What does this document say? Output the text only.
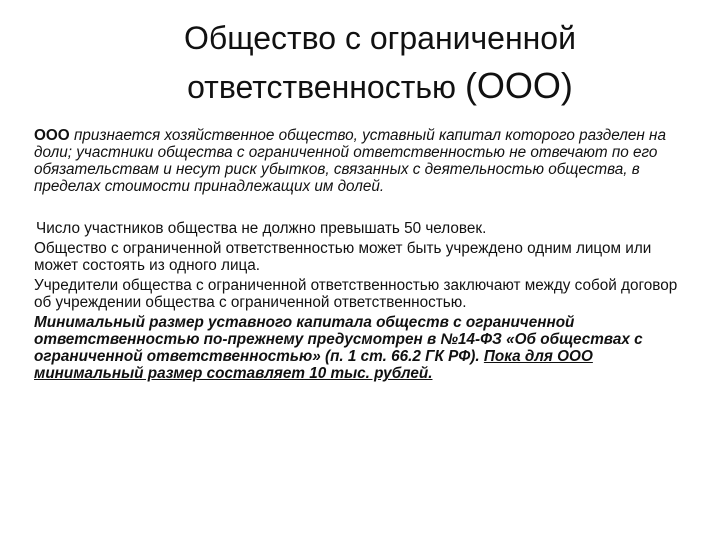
Общество с ограниченной
ответственностью (ООО)

ООО признается хозяйственное общество, уставный капитал которого разделен на доли; участники общества с ограниченной ответственностью не отвечают по его обязательствам и несут риск убытков, связанных с деятельностью общества, в пределах стоимости принадлежащих им долей.

Число участников общества не должно превышать 50 человек.

Общество с ограниченной ответственностью может быть учреждено одним лицом или может состоять из одного лица.

Учредители общества с ограниченной ответственностью заключают между собой договор об учреждении общества с ограниченной ответственностью.

Минимальный размер уставного капитала обществ с ограниченной ответственностью по-прежнему предусмотрен в №14-ФЗ «Об обществах с ограниченной ответственностью» (п. 1 ст. 66.2 ГК РФ). Пока для ООО минимальный размер составляет 10 тыс. рублей.
